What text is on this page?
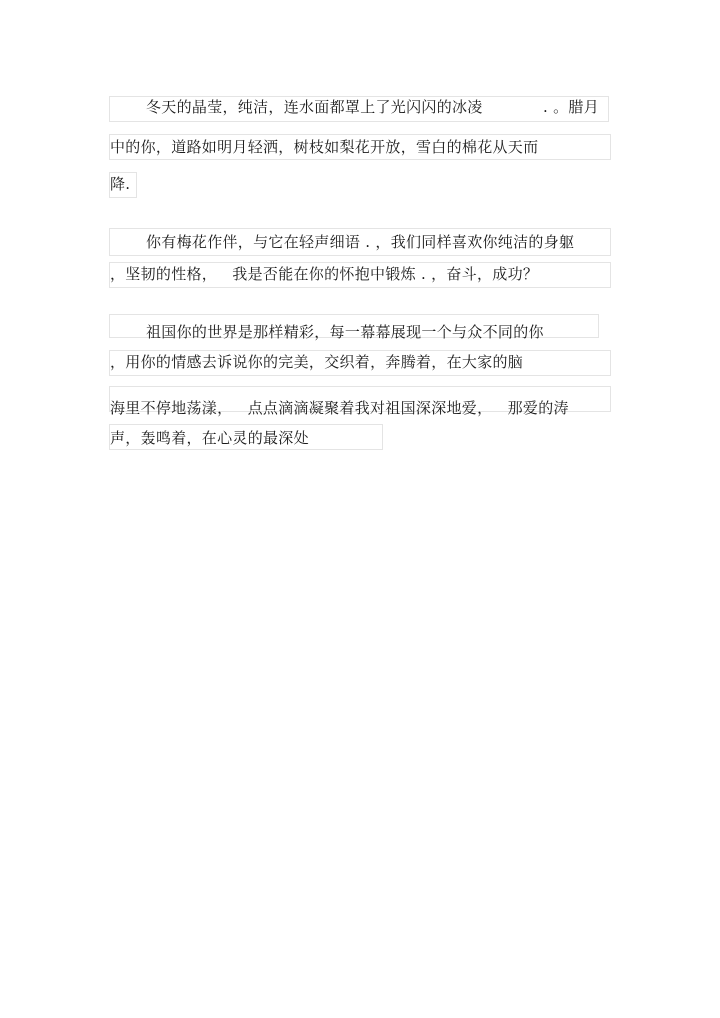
冬天的晶莹，纯洁，连水面都罩上了光闪闪的冰凌	. 。腊月
中的你，道路如明月轻洒，树枝如梨花开放，雪白的棉花从天而
降.
你有梅花作伴，与它在轻声细语 . ，我们同样喜欢你纯洁的身躯
，坚韧的性格，   我是否能在你的怀抱中锻炼 . ，奋斗，成功？
祖国你的世界是那样精彩，每一幕幕展现一个与众不同的你
，用你的情感去诉说你的完美，交织着，奔腾着，在大家的脑
海里不停地荡漾，   点点滴滴凝聚着我对祖国深深地爱，   那爱的涛
声，轰鸣着，在心灵的最深处
